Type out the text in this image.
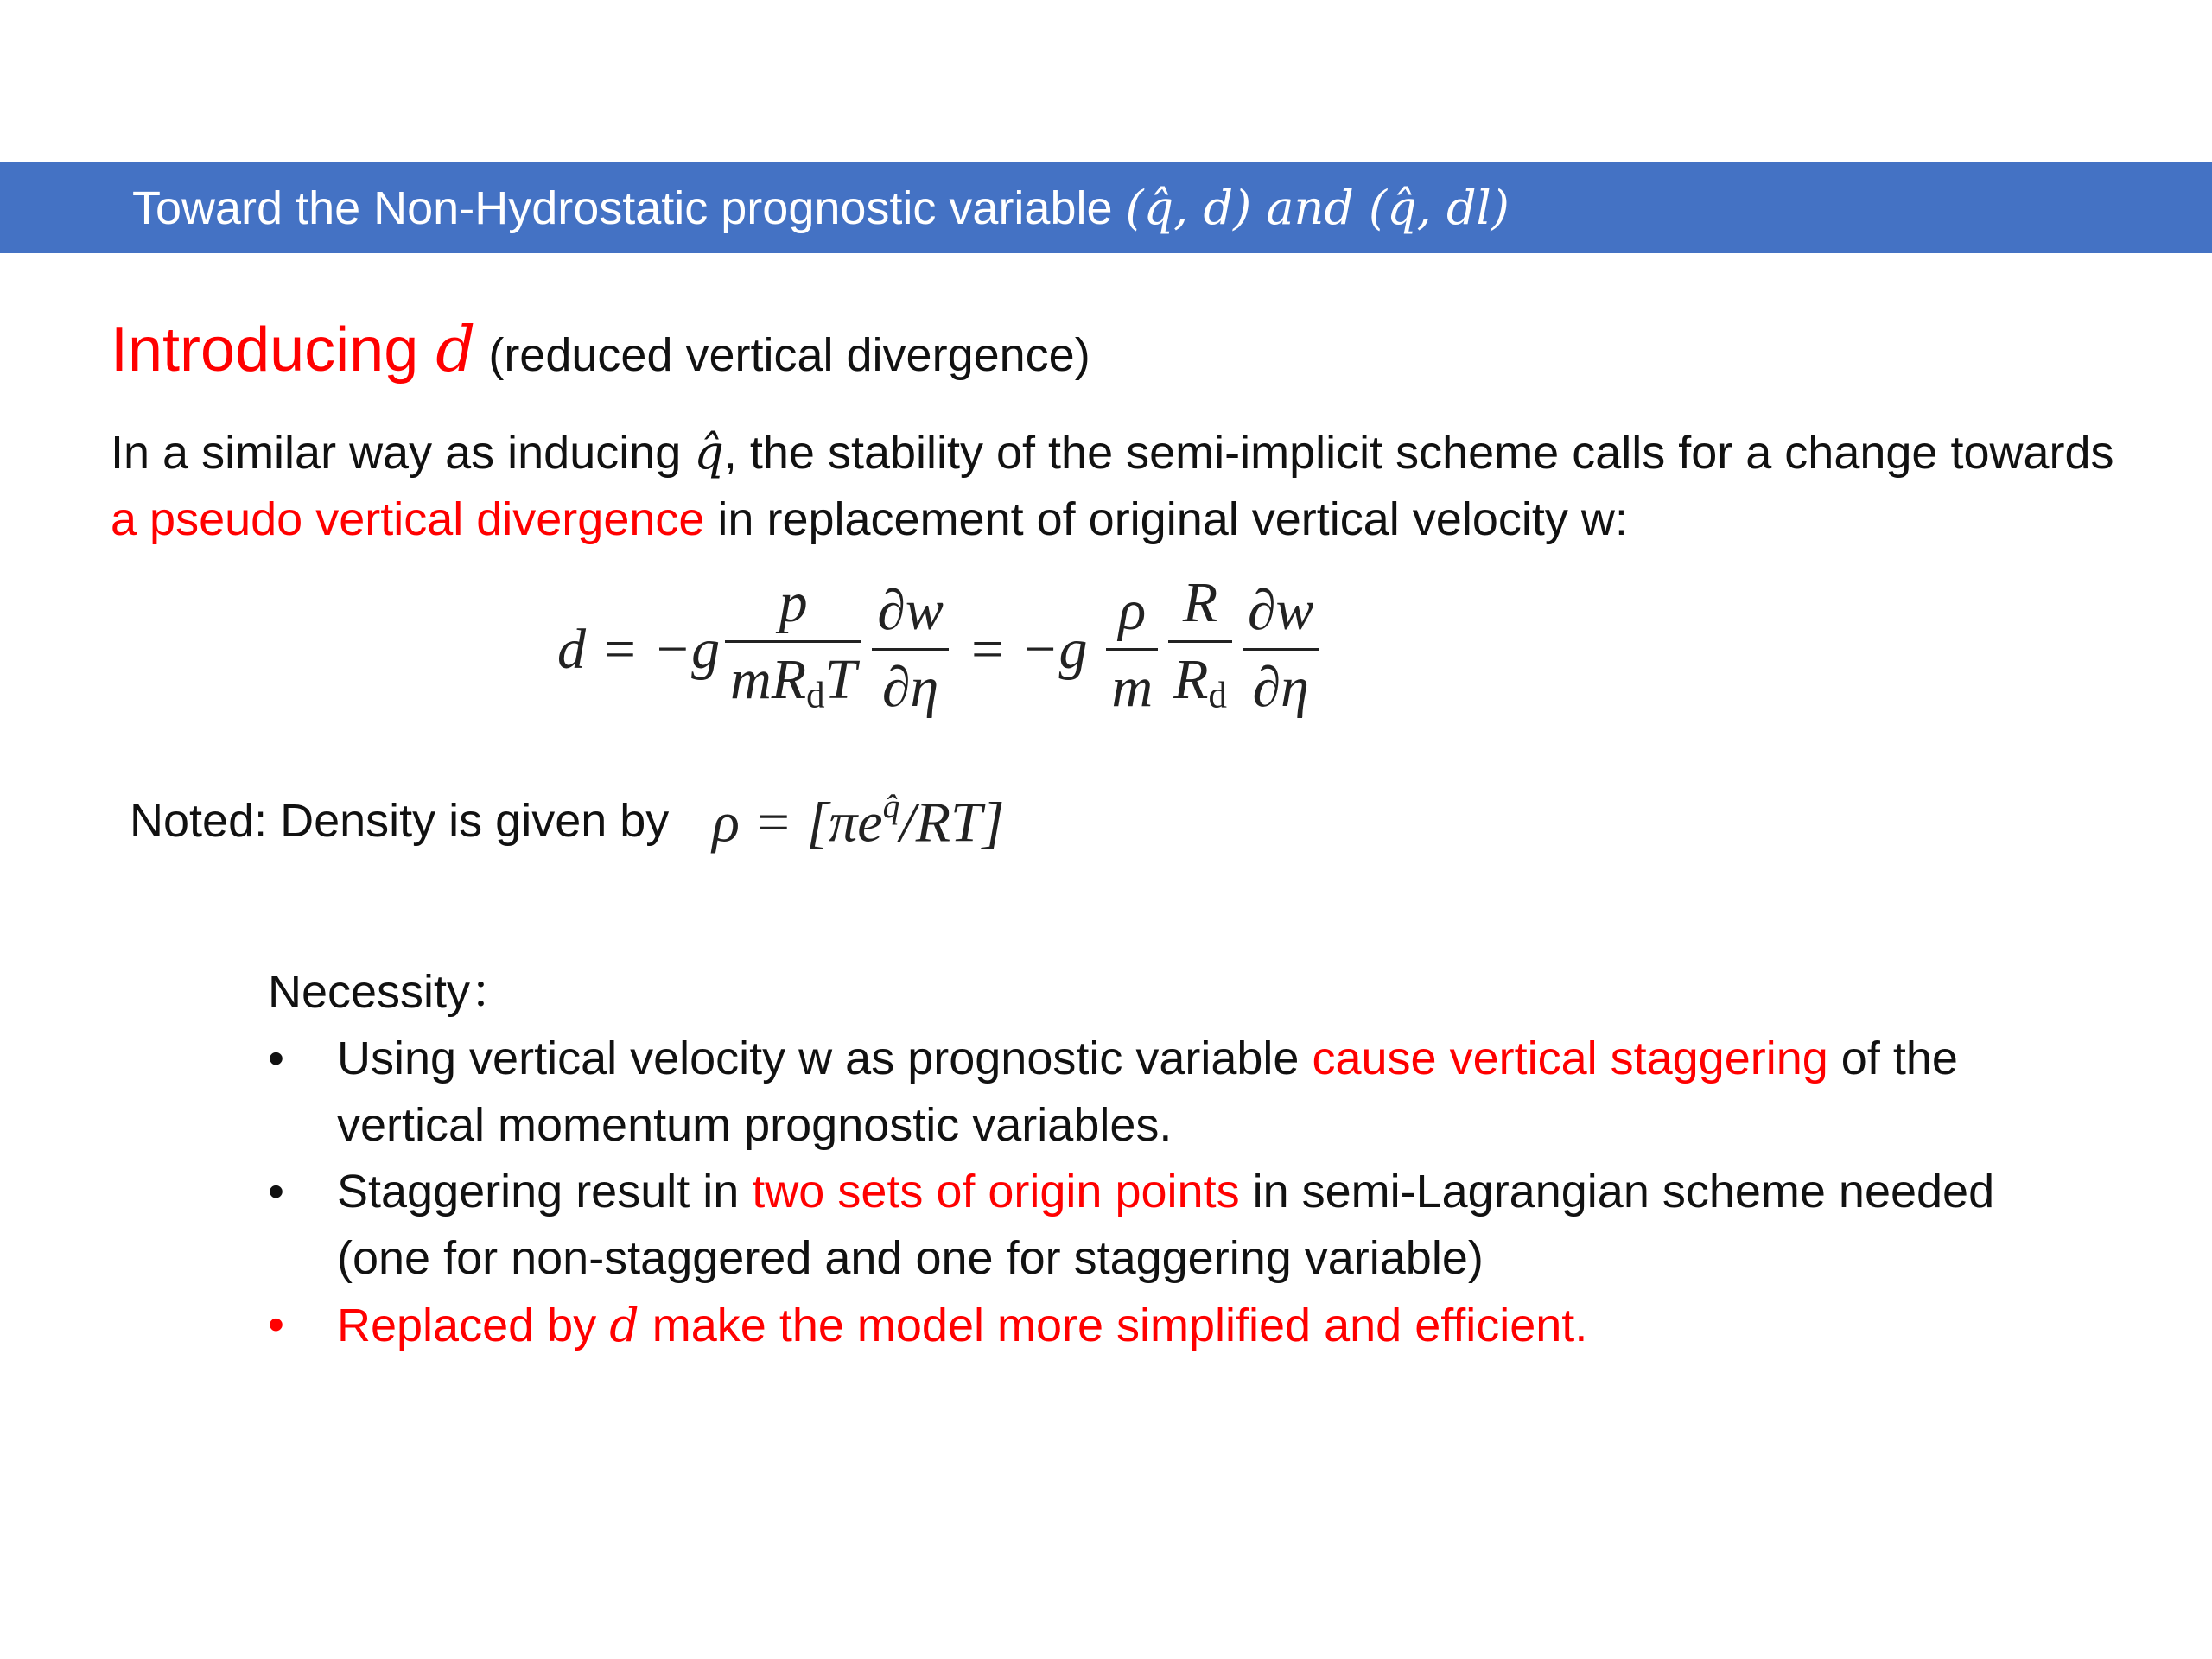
Toward the Non-Hydrostatic prognostic variable (q̂, d) and (q̂, dl)
Introducing d (reduced vertical divergence)
In a similar way as inducing q̂, the stability of the semi-implicit scheme calls for a change towards a pseudo vertical divergence in replacement of original vertical velocity w:
$d = -g \frac{p}{mR_dT} \frac{\partial w}{\partial\eta} = -g \frac{\rho}{m} \frac{R}{R_d} \frac{\partial w}{\partial\eta}$
Noted: Density is given by $\rho = [\pi e^{q̂}/RT]$
Necessity：
• Using vertical velocity w as prognostic variable cause vertical staggering of the vertical momentum prognostic variables.
• Staggering result in two sets of origin points in semi-Lagrangian scheme needed (one for non-staggered and one for staggering variable)
• Replaced by d make the model more simplified and efficient.
